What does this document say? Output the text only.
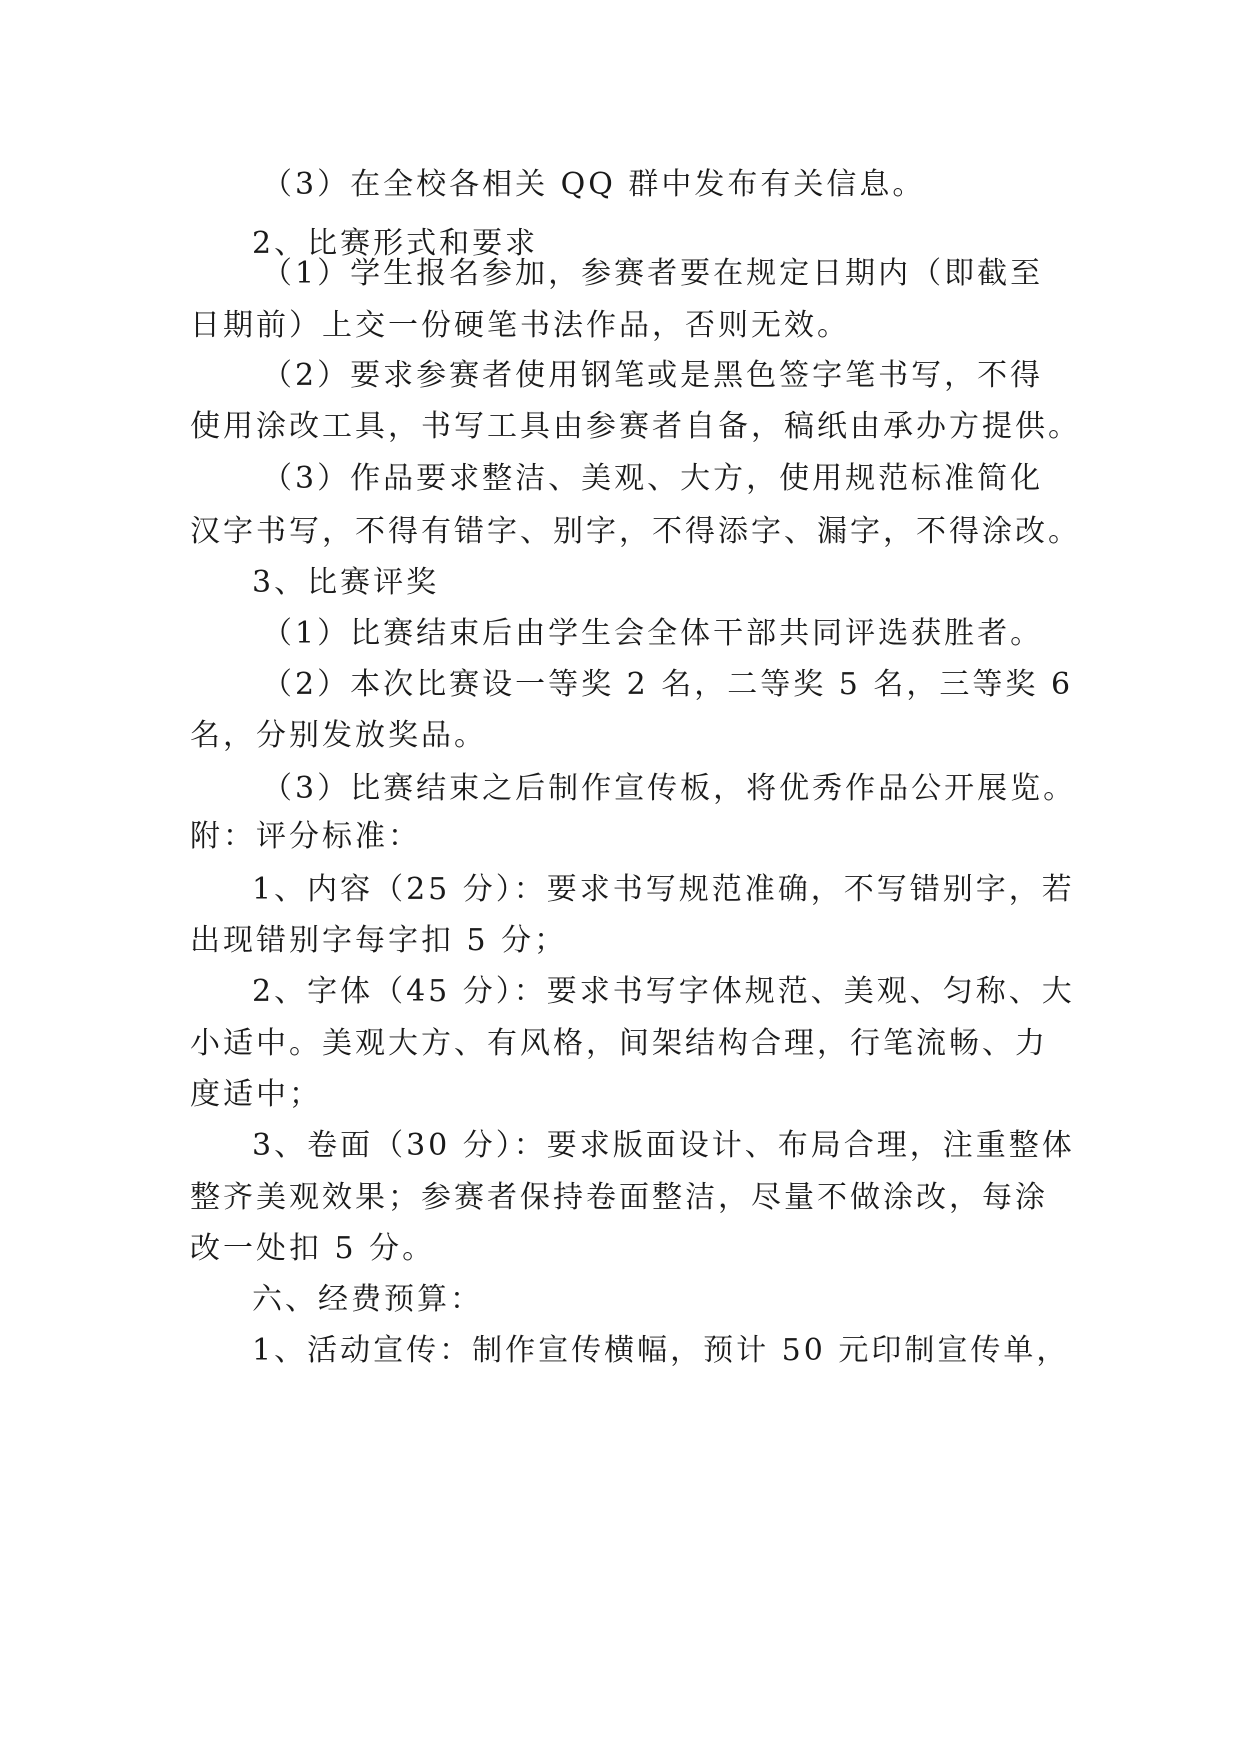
（3）在全校各相关 QQ 群中发布有关信息。
2、比赛形式和要求
（1）学生报名参加，参赛者要在规定日期内（即截至
日期前）上交一份硬笔书法作品，否则无效。
（2）要求参赛者使用钢笔或是黑色签字笔书写，不得
使用涂改工具，书写工具由参赛者自备，稿纸由承办方提供。
（3）作品要求整洁、美观、大方，使用规范标准简化
汉字书写，不得有错字、别字，不得添字、漏字，不得涂改。
3、比赛评奖
（1）比赛结束后由学生会全体干部共同评选获胜者。
（2）本次比赛设一等奖 2 名，二等奖 5 名，三等奖 6
名，分别发放奖品。
（3）比赛结束之后制作宣传板，将优秀作品公开展览。
附：评分标准：
1、内容（25 分）：要求书写规范准确，不写错别字，若
出现错别字每字扣 5 分；
2、字体（45 分）：要求书写字体规范、美观、匀称、大
小适中。美观大方、有风格，间架结构合理，行笔流畅、力
度适中；
3、卷面（30 分）：要求版面设计、布局合理，注重整体
整齐美观效果；参赛者保持卷面整洁，尽量不做涂改，每涂
改一处扣 5 分。
六、经费预算：
1、活动宣传：制作宣传横幅，预计 50 元印制宣传单，
